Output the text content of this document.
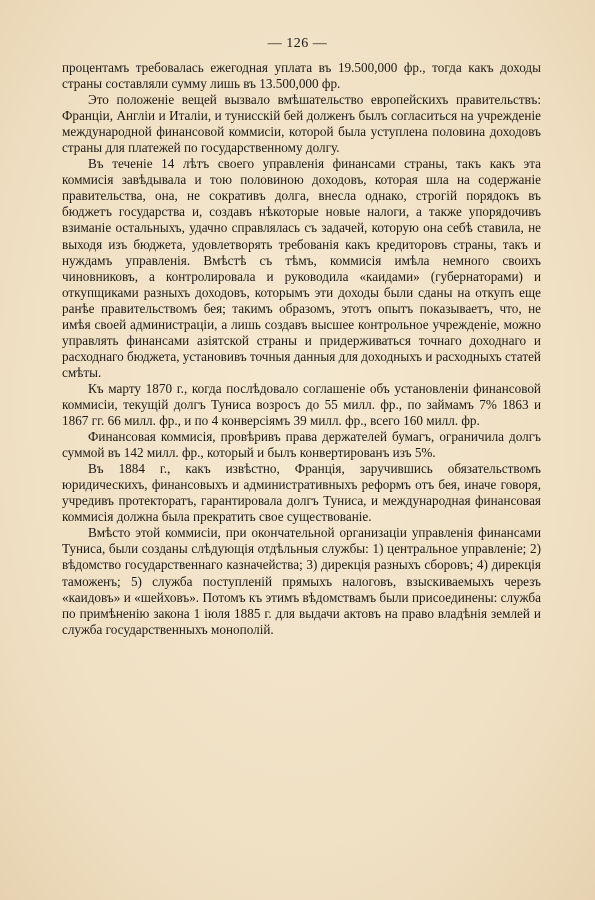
— 126 —

процентамъ требовалась ежегодная уплата въ 19.500,000 фр., тогда какъ доходы страны составляли сумму лишь въ 13.500,000 фр.

Это положеніе вещей вызвало вмѣшательство европейскихъ правительствъ: Франціи, Англіи и Италіи, и тунисскій бей долженъ былъ согласиться на учрежденіе международной финансовой коммисіи, которой была уступлена половина доходовъ страны для платежей по государственному долгу.

Въ теченіе 14 лѣтъ своего управленія финансами страны, такъ какъ эта коммисія завѣдывала и тою половиною доходовъ, которая шла на содержаніе правительства, она, не сокративъ долга, внесла однако, строгій порядокъ въ бюджетъ государства и, создавъ нѣкоторые новые налоги, а также упорядочивъ взиманіе остальныхъ, удачно справлялась съ задачей, которую она себѣ ставила, не выходя изъ бюджета, удовлетворять требованія какъ кредиторовъ страны, такъ и нуждамъ управленія. Вмѣстѣ съ тѣмъ, коммисія имѣла немного своихъ чиновниковъ, а контролировала и руководила «каидами» (губернаторами) и откупщиками разныхъ доходовъ, которымъ эти доходы были сданы на откупъ еще ранѣе правительствомъ бея; такимъ образомъ, этотъ опытъ показываетъ, что, не имѣя своей администраціи, а лишь создавъ высшее контрольное учрежденіе, можно управлять финансами азіятской страны и придерживаться точнаго доходнаго и расходнаго бюджета, установивъ точныя данныя для доходныхъ и расходныхъ статей смѣты.

Къ марту 1870 г., когда послѣдовало соглашеніе объ установленіи финансовой коммисіи, текущій долгъ Туниса возросъ до 55 милл. фр., по займамъ 7% 1863 и 1867 гг. 66 милл. фр., и по 4 конверсіямъ 39 милл. фр., всего 160 милл. фр.

Финансовая коммисія, провѣривъ права держателей бумагъ, ограничила долгъ суммой въ 142 милл. фр., который и былъ конвертированъ изъ 5%.

Въ 1884 г., какъ извѣстно, Франція, заручившись обязательствомъ юридическихъ, финансовыхъ и административныхъ реформъ отъ бея, иначе говоря, учредивъ протекторатъ, гарантировала долгъ Туниса, и международная финансовая коммисія должна была прекратить свое существованіе.

Вмѣсто этой коммисіи, при окончательной организаціи управленія финансами Туниса, были созданы слѣдующія отдѣльныя службы: 1) центральное управленіе; 2) вѣдомство государственнаго казначейства; 3) дирекція разныхъ сборовъ; 4) дирекція таможенъ; 5) служба поступленій прямыхъ налоговъ, взыскиваемыхъ черезъ «каидовъ» и «шейховъ». Потомъ къ этимъ вѣдомствамъ были присоединены: служба по примѣненію закона 1 іюля 1885 г. для выдачи актовъ на право владѣнія землей и служба государственныхъ монополій.
